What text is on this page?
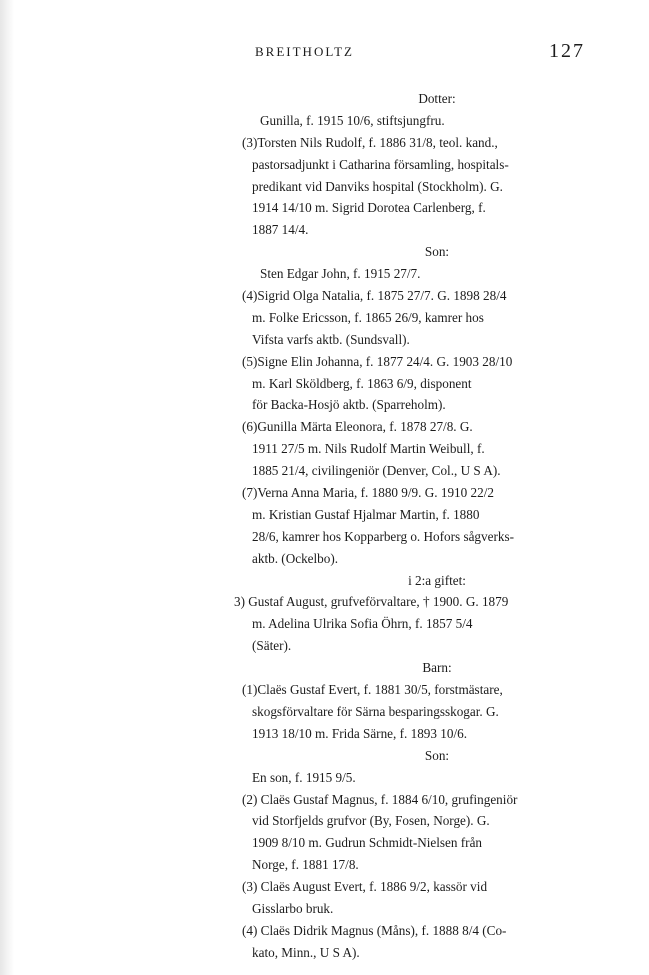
BREITHOLTZ	127
Dotter:
Gunilla, f. 1915 10/6, stiftsjungfru.
(3)Torsten Nils Rudolf, f. 1886 31/8, teol. kand.,
pastorsadjunkt i Catharina församling, hospitals-
predikant vid Danviks hospital (Stockholm). G.
1914 14/10 m. Sigrid Dorotea Carlenberg, f.
1887 14/4.
Son:
Sten Edgar John, f. 1915 27/7.
(4)Sigrid Olga Natalia, f. 1875 27/7. G. 1898 28/4
m. Folke Ericsson, f. 1865 26/9, kamrer hos
Vifsta varfs aktb. (Sundsvall).
(5)Signe Elin Johanna, f. 1877 24/4. G. 1903 28/10
m. Karl Sköldberg, f. 1863 6/9, disponent
för Backa-Hosjö aktb. (Sparreholm).
(6)Gunilla Märta Eleonora, f. 1878 27/8. G.
1911 27/5 m. Nils Rudolf Martin Weibull, f.
1885 21/4, civilingeniör (Denver, Col., U S A).
(7)Verna Anna Maria, f. 1880 9/9. G. 1910 22/2
m. Kristian Gustaf Hjalmar Martin, f. 1880
28/6, kamrer hos Kopparberg o. Hofors sågverks-
aktb. (Ockelbo).
i 2:a giftet:
3) Gustaf August, grufveförvaltare, † 1900. G. 1879
m. Adelina Ulrika Sofia Öhrn, f. 1857 5/4
(Säter).
Barn:
(1)Claës Gustaf Evert, f. 1881 30/5, forstmästare,
skogsförvaltare för Särna besparingsskogar. G.
1913 18/10 m. Frida Särne, f. 1893 10/6.
Son:
En son, f. 1915 9/5.
(2) Claës Gustaf Magnus, f. 1884 6/10, grufingeniör
vid Storfjelds grufvor (By, Fosen, Norge). G.
1909 8/10 m. Gudrun Schmidt-Nielsen från
Norge, f. 1881 17/8.
(3) Claës August Evert, f. 1886 9/2, kassör vid
Gisslarbo bruk.
(4) Claës Didrik Magnus (Måns), f. 1888 8/4 (Co-
kato, Minn., U S A).
